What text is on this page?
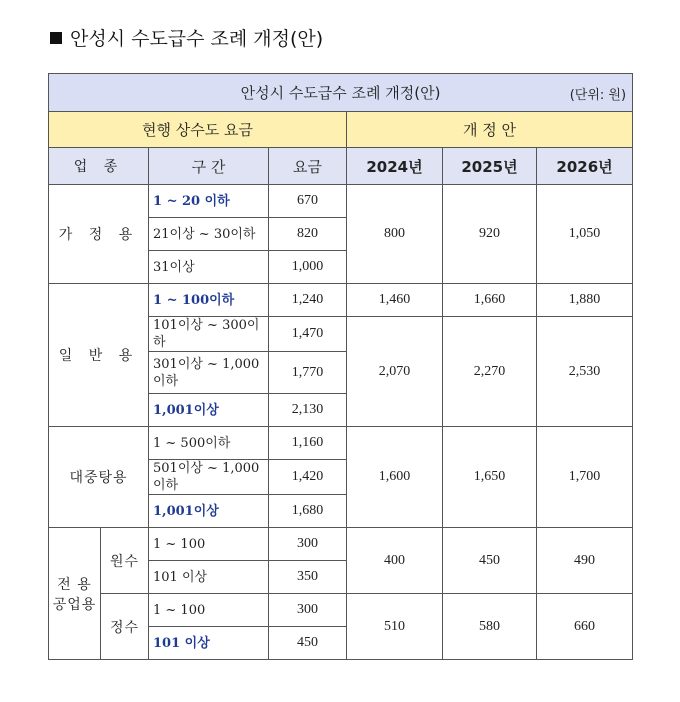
안성시 수도급수 조례 개정(안)
안성시 수도급수 조례 개정(안) (단위: 원)						

현행 상수도 요금				개 정 안		
업 종		구 간	요금	2024년	2025년	2026년
가 정 용		1 ~ 20 이하	670	800	920	1,050
		21이상 ~ 30이하	820			
		31이상	1,000			
일 반 용		1 ~ 100이하	1,240	1,460	1,660	1,880
		101이상 ~ 300이하	1,470	2,070	2,270	2,530
		301이상 ~ 1,000이하	1,770			
		1,001이상	2,130			
대중탕용		1 ~ 500이하	1,160	1,600	1,650	1,700
		501이상 ~ 1,000이하	1,420			
		1,001이상	1,680			

전 용
공업용	원수	1 ~ 100	300	400	450	490
		101 이상	350			
	정수	1 ~ 100	300	510	580	660
		101 이상	450			
